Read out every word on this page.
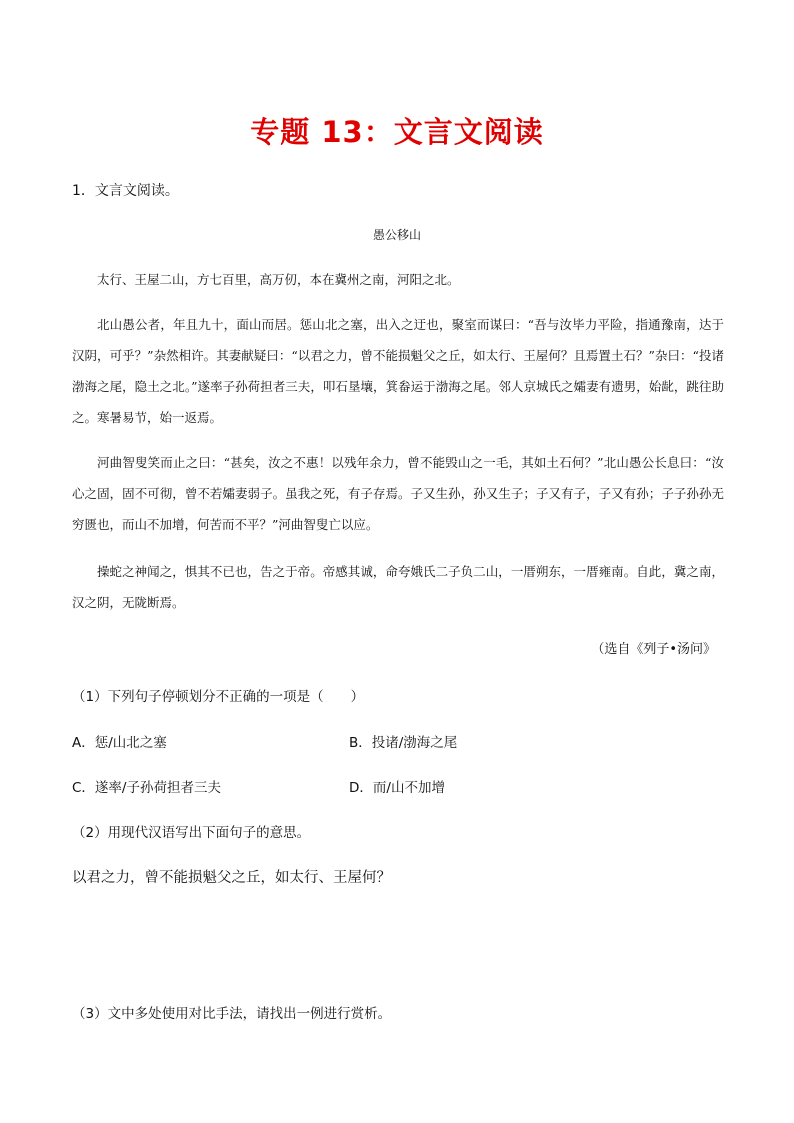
专题 13：文言文阅读
1．文言文阅读。
愚公移山

太行、王屋二山，方七百里，高万仞，本在冀州之南，河阳之北。

北山愚公者，年且九十，面山而居。惩山北之塞，出入之迂也，聚室而谋曰：“吾与汝毕力平险，指通豫南，达于汉阴，可乎？”杂然相许。其妻献疑曰：“以君之力，曾不能损魁父之丘，如太行、王屋何？且焉置土石？”杂曰：“投诸渤海之尾，隐土之北。”遂率子孙荷担者三夫，叩石垦壤，箕畚运于渤海之尾。邻人京城氏之孀妻有遗男，始龀，跳往助之。寒暑易节，始一返焉。

河曲智叟笑而止之曰：“甚矣，汝之不惠！以残年余力，曾不能毁山之一毛，其如土石何？”北山愚公长息曰：“汝心之固，固不可彻，曾不若孀妻弱子。虽我之死，有子存焉。子又生孙，孙又生子；子又有子，子又有孙；子子孙孙无穷匮也，而山不加增，何苦而不平？”河曲智叟亡以应。

操蛇之神闻之，惧其不已也，告之于帝。帝感其诚，命夸娥氏二子负二山，一厝朔东，一厝雍南。自此，冀之南，汉之阴，无陇断焉。

（选自《列子•汤问》
（1）下列句子停顿划分不正确的一项是（　　）
A．惩/山北之塞	B．投诸/渤海之尾
C．遂率/子孙荷担者三夫	D．而/山不加增
（2）用现代汉语写出下面句子的意思。
以君之力，曾不能损魁父之丘，如太行、王屋何？
（3）文中多处使用对比手法，请找出一例进行赏析。
